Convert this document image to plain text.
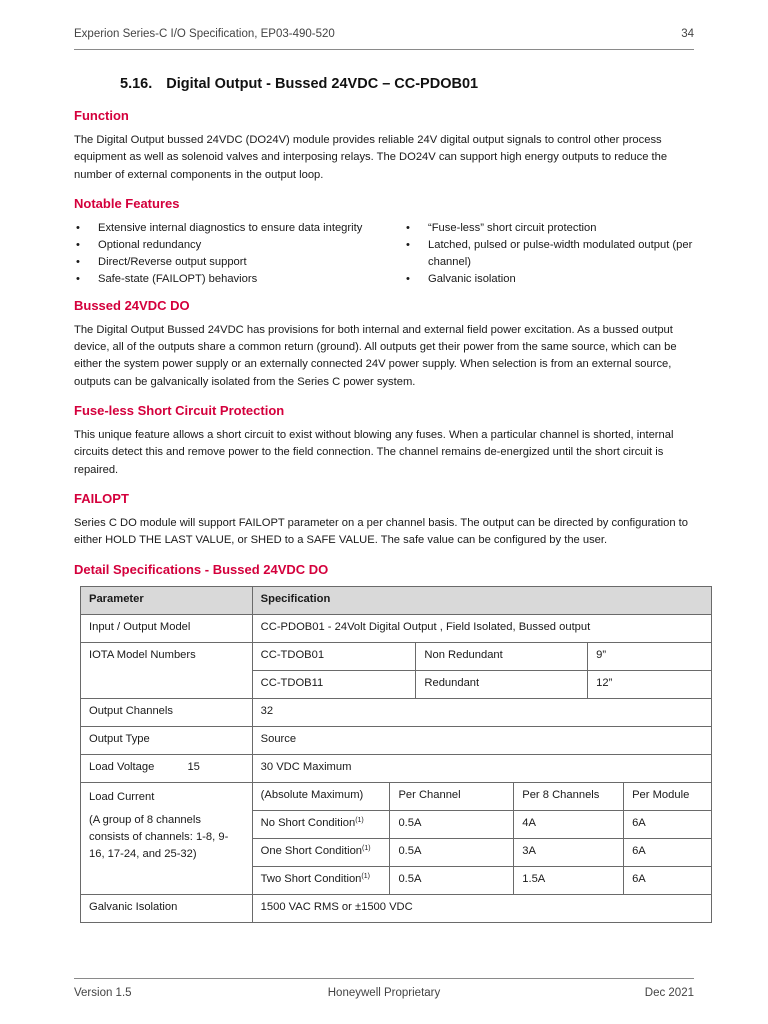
Experion Series-C I/O Specification, EP03-490-520	34
5.16. Digital Output - Bussed 24VDC – CC-PDOB01
Function

The Digital Output bussed 24VDC (DO24V) module provides reliable 24V digital output signals to control other process equipment as well as solenoid valves and interposing relays. The DO24V can support high energy outputs to reduce the number of external components in the output loop.

Notable Features
• Extensive internal diagnostics to ensure data integrity
• Optional redundancy
• Direct/Reverse output support
• Safe-state (FAILOPT) behaviors
• “Fuse-less” short circuit protection
• Latched, pulsed or pulse-width modulated output (per channel)
• Galvanic isolation
Bussed 24VDC DO

The Digital Output Bussed 24VDC has provisions for both internal and external field power excitation. As a bussed output device, all of the outputs share a common return (ground). All outputs get their power from the same source, which can be either the system power supply or an externally connected 24V power supply. When selection is from an external source, outputs can be galvanically isolated from the Series C power system.

Fuse-less Short Circuit Protection

This unique feature allows a short circuit to exist without blowing any fuses. When a particular channel is shorted, internal circuits detect this and remove power to the field connection. The channel remains de-energized until the short circuit is repaired.

FAILOPT

Series C DO module will support FAILOPT parameter on a per channel basis. The output can be directed by configuration to either HOLD THE LAST VALUE, or SHED to a SAFE VALUE. The safe value can be configured by the user.

Detail Specifications - Bussed 24VDC DO
Parameter	Specification					
Input / Output Model	CC-PDOB01 - 24Volt Digital Output , Field Isolated, Bussed output					
IOTA Model Numbers	CC-TDOB01		Non Redundant		9”	
	CC-TDOB11		Redundant		12”	
Output Channels	32					
Output Type	Source					
Load Voltage 15	30 VDC Maximum					

Load Current
(A group of 8 channels consists of channels: 1-8, 9-16, 17-24, and 25-32)	(Absolute Maximum)	Per Channel		Per 8 Channels		Per Module
	No Short Condition$^{(1)}$	0.5A		4A		6A
	One Short Condition$^{(1)}$	0.5A		3A		6A
	Two Short Condition$^{(1)}$	0.5A		1.5A		6A
Galvanic Isolation	1500 VAC RMS or ±1500 VDC					
Version 1.5	Honeywell Proprietary	Dec 2021
